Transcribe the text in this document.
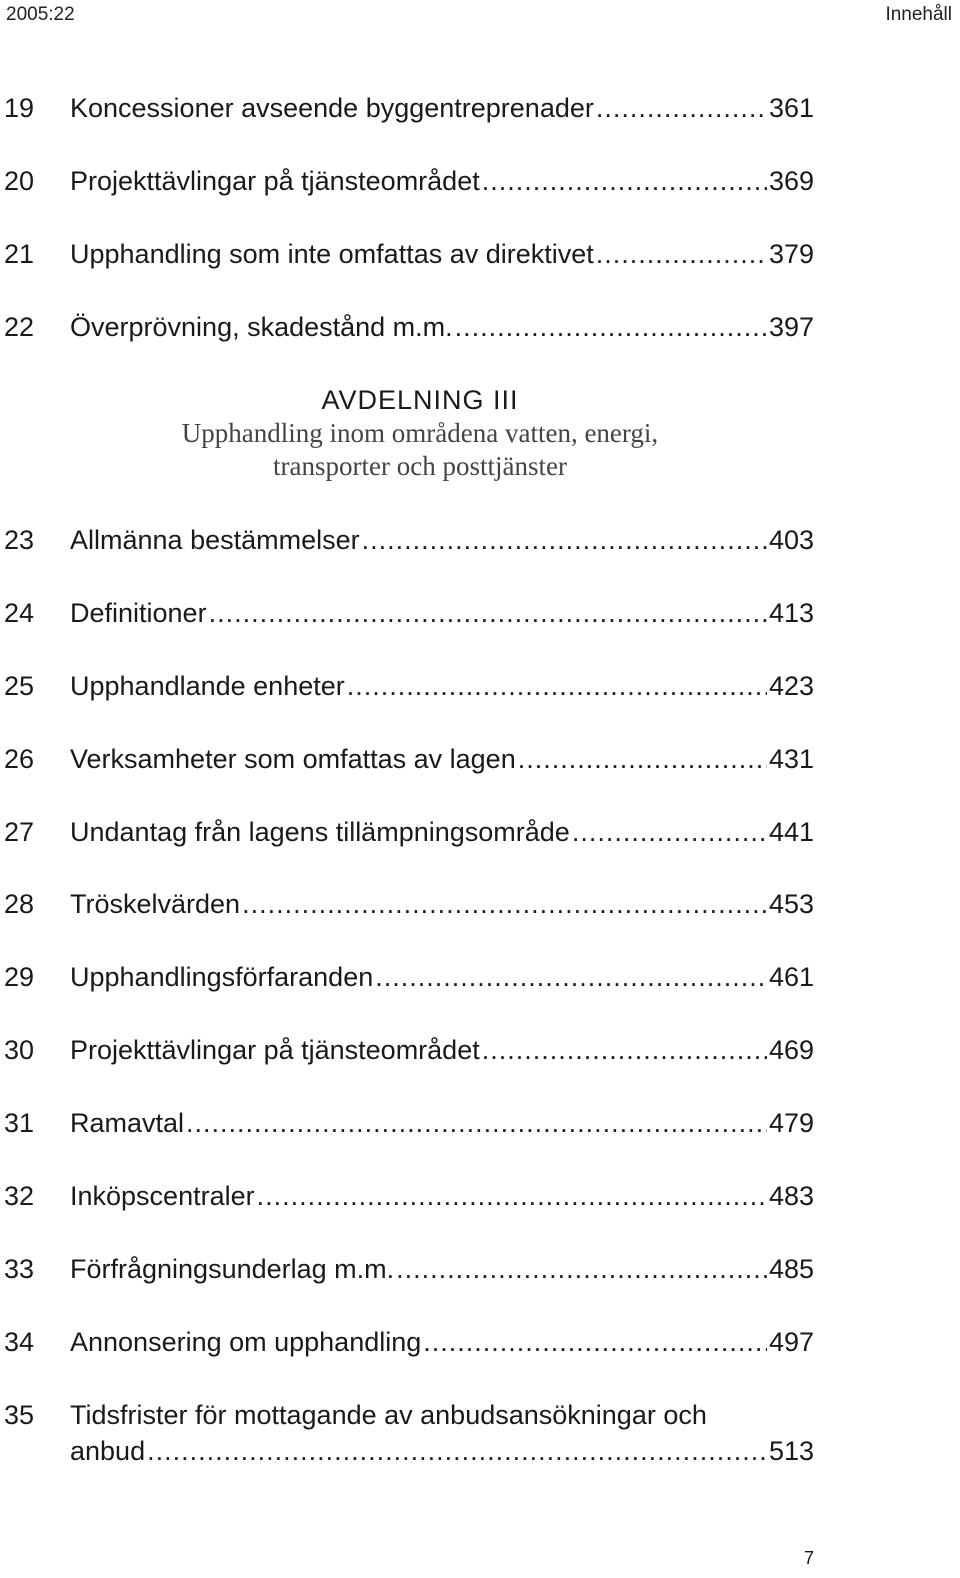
2005:22	Innehåll
19	Koncessioner avseende byggentreprenader .....	361
20	Projekttävlingar på tjänsteområdet .....	369
21	Upphandling som inte omfattas av direktivet .....	379
22	Överprövning, skadestånd m.m. .....	397
AVDELNING III
Upphandling inom områdena vatten, energi,
transporter och posttjänster
23	Allmänna bestämmelser .....	403
24	Definitioner .....	413
25	Upphandlande enheter .....	423
26	Verksamheter som omfattas av lagen .....	431
27	Undantag från lagens tillämpningsområde .....	441
28	Tröskelvärden .....	453
29	Upphandlingsförfaranden .....	461
30	Projekttävlingar på tjänsteområdet .....	469
31	Ramavtal .....	479
32	Inköpscentraler .....	483
33	Förfrågningsunderlag m.m. .....	485
34	Annonsering om upphandling .....	497
35	Tidsfrister för mottagande av anbudsansökningar och
anbud .....	513
7
